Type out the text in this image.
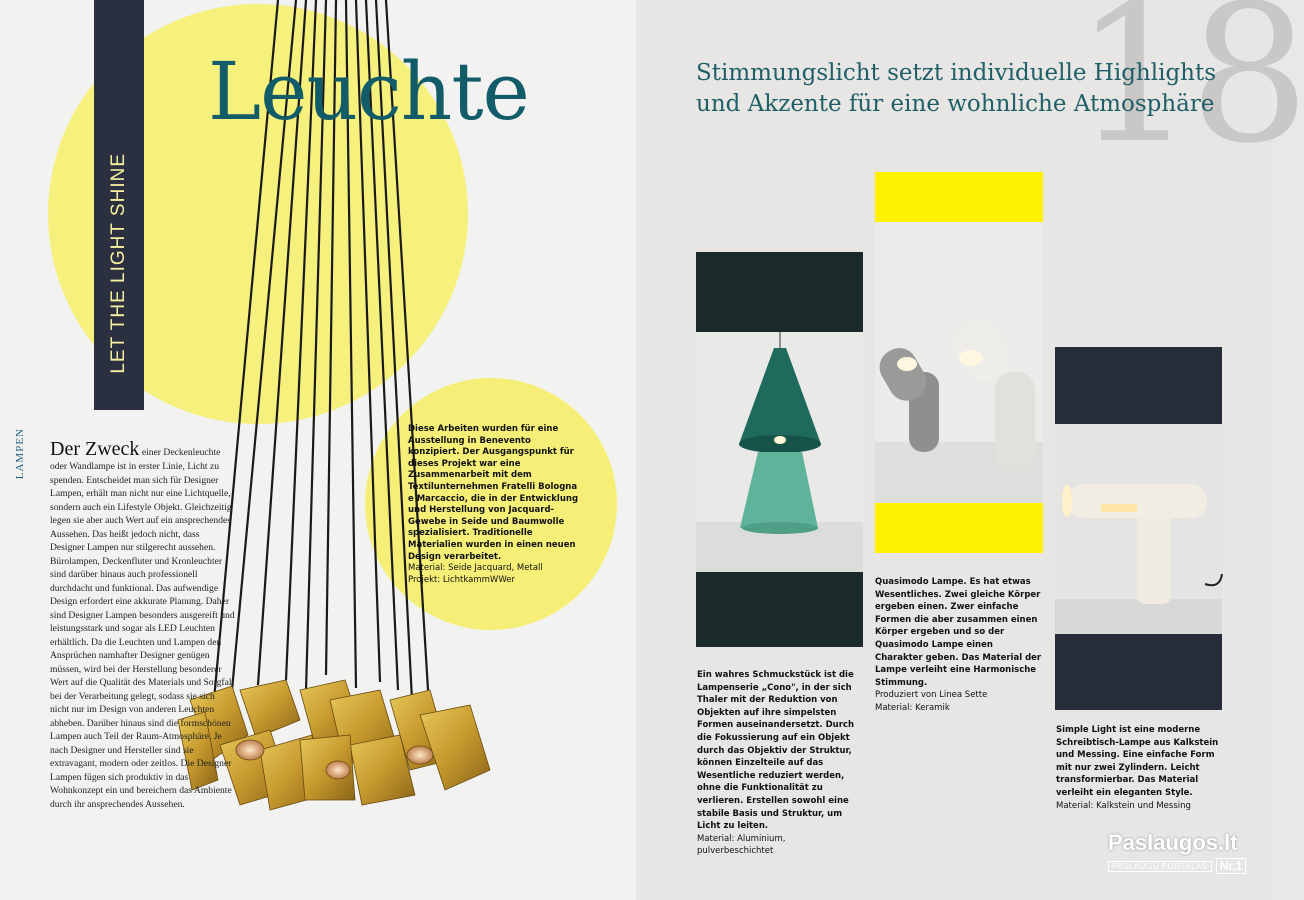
LET THE LIGHT SHINE
Leuchte
LAMPEN Der Zweck einer Deckenleuchte oder Wandlampe ist in erster Linie, Licht zu spenden. Entscheidet man sich für Designer Lampen, erhält man nicht nur eine Lichtquelle, sondern auch ein Lifestyle Objekt. Gleichzeitig legen sie aber auch Wert auf ein ansprechendes Aussehen. Das heißt jedoch nicht, dass Designer Lampen nur stilgerecht aussehen. Bürolampen, Deckenfluter und Kronleuchter sind darüber hinaus auch professionell durchdacht und funktional. Das aufwendige Design erfordert eine akkurate Planung. Daher sind Designer Lampen besonders ausgereift und leistungsstark und sogar als LED Leuchten erhältlich. Da die Leuchten und Lampen den Ansprüchen namhafter Designer genügen müssen, wird bei der Herstellung besonderer Wert auf die Qualität des Materials und Sorgfalt bei der Verarbeitung gelegt, sodass sie sich nicht nur im Design von anderen Leuchten abheben. Darüber hinaus sind die formschönen Lampen auch Teil der Raum-Atmosphäre. Je nach Designer und Hersteller sind sie extravagant, modern oder zeitlos. Die Designer Lampen fügen sich produktiv in das Wohnkonzept ein und bereichern das Ambiente durch ihr ansprechendes Aussehen.
Diese Arbeiten wurden für eine Ausstellung in Benevento konzipiert. Der Ausgangspunkt für dieses Projekt war eine Zusammenarbeit mit dem Textilunternehmen Fratelli Bologna e Marcaccio, die in der Entwicklung und Herstellung von Jacquard-Gewebe in Seide und Baumwolle spezialisiert. Traditionelle Materialien wurden in einen neuen Design verarbeitet.
Material: Seide Jacquard, Metall
Projekt: LichtkammWWer
18
Stimmungslicht setzt individuelle Highlights und Akzente für eine wohnliche Atmosphäre
Ein wahres Schmuckstück ist die Lampenserie „Cono", in der sich Thaler mit der Reduktion von Objekten auf ihre simpelsten Formen auseinandersetzt. Durch die Fokussierung auf ein Objekt durch das Objektiv der Struktur, können Einzelteile auf das Wesentliche reduziert werden, ohne die Funktionalität zu verlieren. Erstellen sowohl eine stabile Basis und Struktur, um Licht zu leiten.
Material: Aluminium, pulverbeschichtet
Quasimodo Lampe. Es hat etwas Wesentliches. Zwei gleiche Körper ergeben einen. Zwer einfache Formen die aber zusammen einen Körper ergeben und so der Quasimodo Lampe einen Charakter geben. Das Material der Lampe verleiht eine Harmonische Stimmung.
Produziert von Linea Sette
Material: Keramik
Simple Light ist eine moderne Schreibtisch-Lampe aus Kalkstein und Messing. Eine einfache Form mit nur zwei Zylindern. Leicht transformierbar. Das Material verleiht ein eleganten Style.
Material: Kalkstein und Messing
Paslaugos.lt
PASLAUGŲ PORTALAS	Nr.1
